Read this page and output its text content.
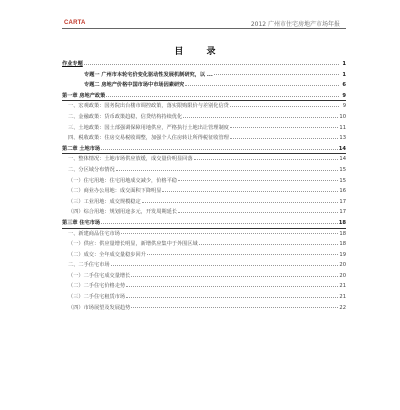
CARTA	2012 广州市住宅房地产市场年报
目 录
作业专题	1
专题一 广州市本轮宅价变化驱动性发展机制研究，以 ...	1
专题二 房地产价格中国市场中市场因素研究	6
第一章 房地产政策	9
一、宏观政策：国务院出台楼市调控政策，落实限购限价与差别化信贷	9
二、金融政策：货币政策趋稳，信贷结构持续优化	10
三、土地政策：国土部强调保障用地供应，严格执行土地出让管理制度	11
四、税收政策：住房交易税收调整，加强个人住房转让所得税征收管理	13
第二章 土地市场	14
一、整体情况：土地市场供应放缓，成交量价明显回落	14
二、分区域分布情况	15
（一）住宅用地：住宅用地成交减少，价格平稳	15
（二）商业办公用地：成交面积下降明显	16
（三）工业用地：成交规模稳定	17
（四）综合用地：规划用途多元，开发周期延长	17
第三章 住宅市场	18
一、新建商品住宅市场	18
（一）供应：供应量增长明显，新增供应集中于外围区域	18
（二）成交：全年成交量稳步回升	19
二、二手住宅市场	20
（一）二手住宅成交量增长	20
（二）二手住宅价格走势	21
（三）二手住宅租赁市场	21
（四）市场展望及发展趋势	22
